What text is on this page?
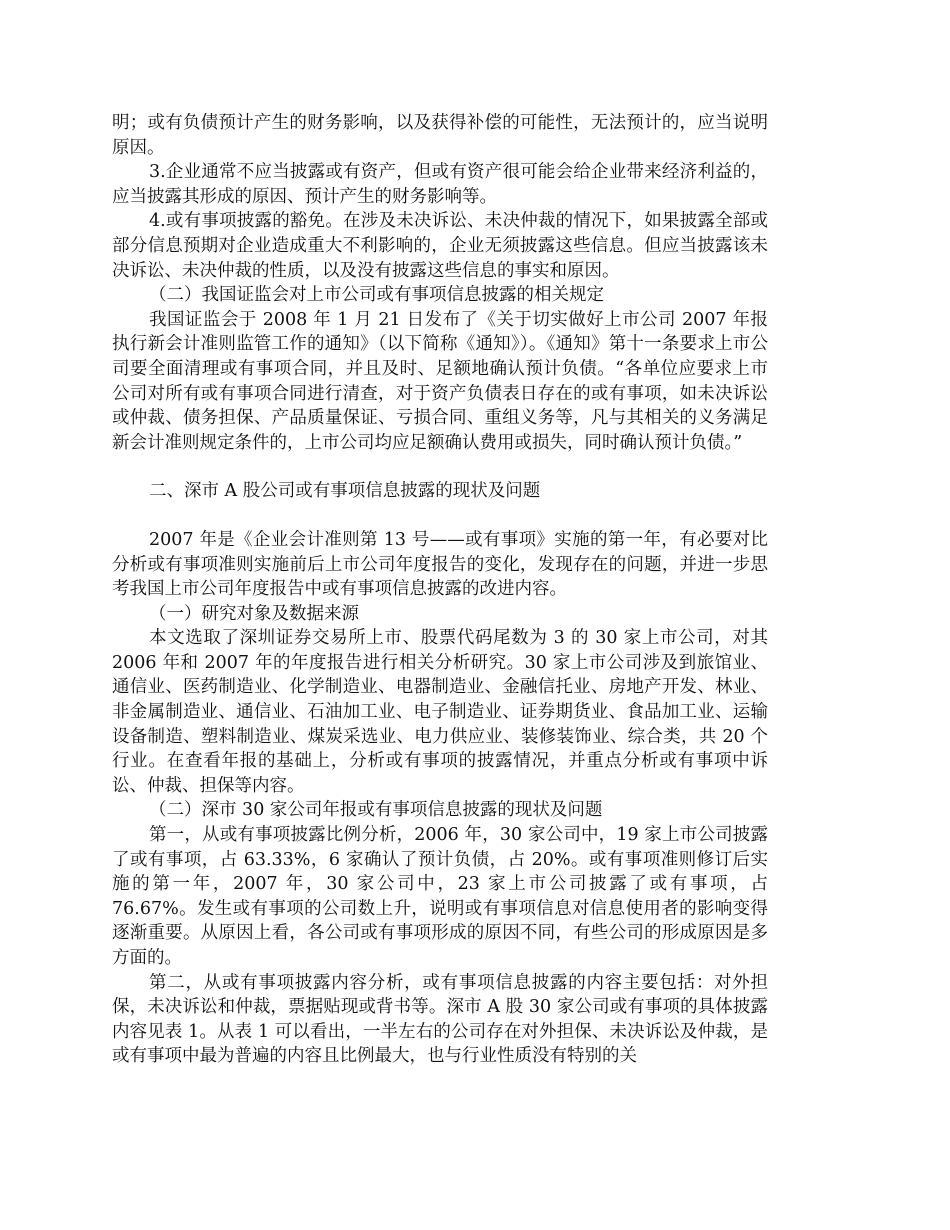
明；或有负债预计产生的财务影响，以及获得补偿的可能性，无法预计的，应当说明原因。

3.企业通常不应当披露或有资产，但或有资产很可能会给企业带来经济利益的，应当披露其形成的原因、预计产生的财务影响等。

4.或有事项披露的豁免。在涉及未决诉讼、未决仲裁的情况下，如果披露全部或部分信息预期对企业造成重大不利影响的，企业无须披露这些信息。但应当披露该未决诉讼、未决仲裁的性质，以及没有披露这些信息的事实和原因。

（二）我国证监会对上市公司或有事项信息披露的相关规定

我国证监会于 2008 年 1 月 21 日发布了《关于切实做好上市公司 2007 年报执行新会计准则监管工作的通知》（以下简称《通知》）。《通知》第十一条要求上市公司要全面清理或有事项合同，并且及时、足额地确认预计负债。“各单位应要求上市公司对所有或有事项合同进行清查，对于资产负债表日存在的或有事项，如未决诉讼或仲裁、债务担保、产品质量保证、亏损合同、重组义务等，凡与其相关的义务满足新会计准则规定条件的，上市公司均应足额确认费用或损失，同时确认预计负债。”

二、深市 A 股公司或有事项信息披露的现状及问题

2007 年是《企业会计准则第 13 号——或有事项》实施的第一年，有必要对比分析或有事项准则实施前后上市公司年度报告的变化，发现存在的问题，并进一步思考我国上市公司年度报告中或有事项信息披露的改进内容。

（一）研究对象及数据来源

本文选取了深圳证券交易所上市、股票代码尾数为 3 的 30 家上市公司，对其 2006 年和 2007 年的年度报告进行相关分析研究。30 家上市公司涉及到旅馆业、通信业、医药制造业、化学制造业、电器制造业、金融信托业、房地产开发、林业、非金属制造业、通信业、石油加工业、电子制造业、证券期货业、食品加工业、运输设备制造、塑料制造业、煤炭采选业、电力供应业、装修装饰业、综合类，共 20 个行业。在查看年报的基础上，分析或有事项的披露情况，并重点分析或有事项中诉讼、仲裁、担保等内容。

（二）深市 30 家公司年报或有事项信息披露的现状及问题

第一，从或有事项披露比例分析，2006 年，30 家公司中，19 家上市公司披露了或有事项，占 63.33%，6 家确认了预计负债，占 20%。或有事项准则修订后实施的第一年，2007 年，30 家公司中，23 家上市公司披露了或有事项，占 76.67%。发生或有事项的公司数上升，说明或有事项信息对信息使用者的影响变得逐渐重要。从原因上看，各公司或有事项形成的原因不同，有些公司的形成原因是多方面的。

第二，从或有事项披露内容分析，或有事项信息披露的内容主要包括：对外担保，未决诉讼和仲裁，票据贴现或背书等。深市 A 股 30 家公司或有事项的具体披露内容见表 1。从表 1 可以看出，一半左右的公司存在对外担保、未决诉讼及仲裁，是或有事项中最为普遍的内容且比例最大，也与行业性质没有特别的关
